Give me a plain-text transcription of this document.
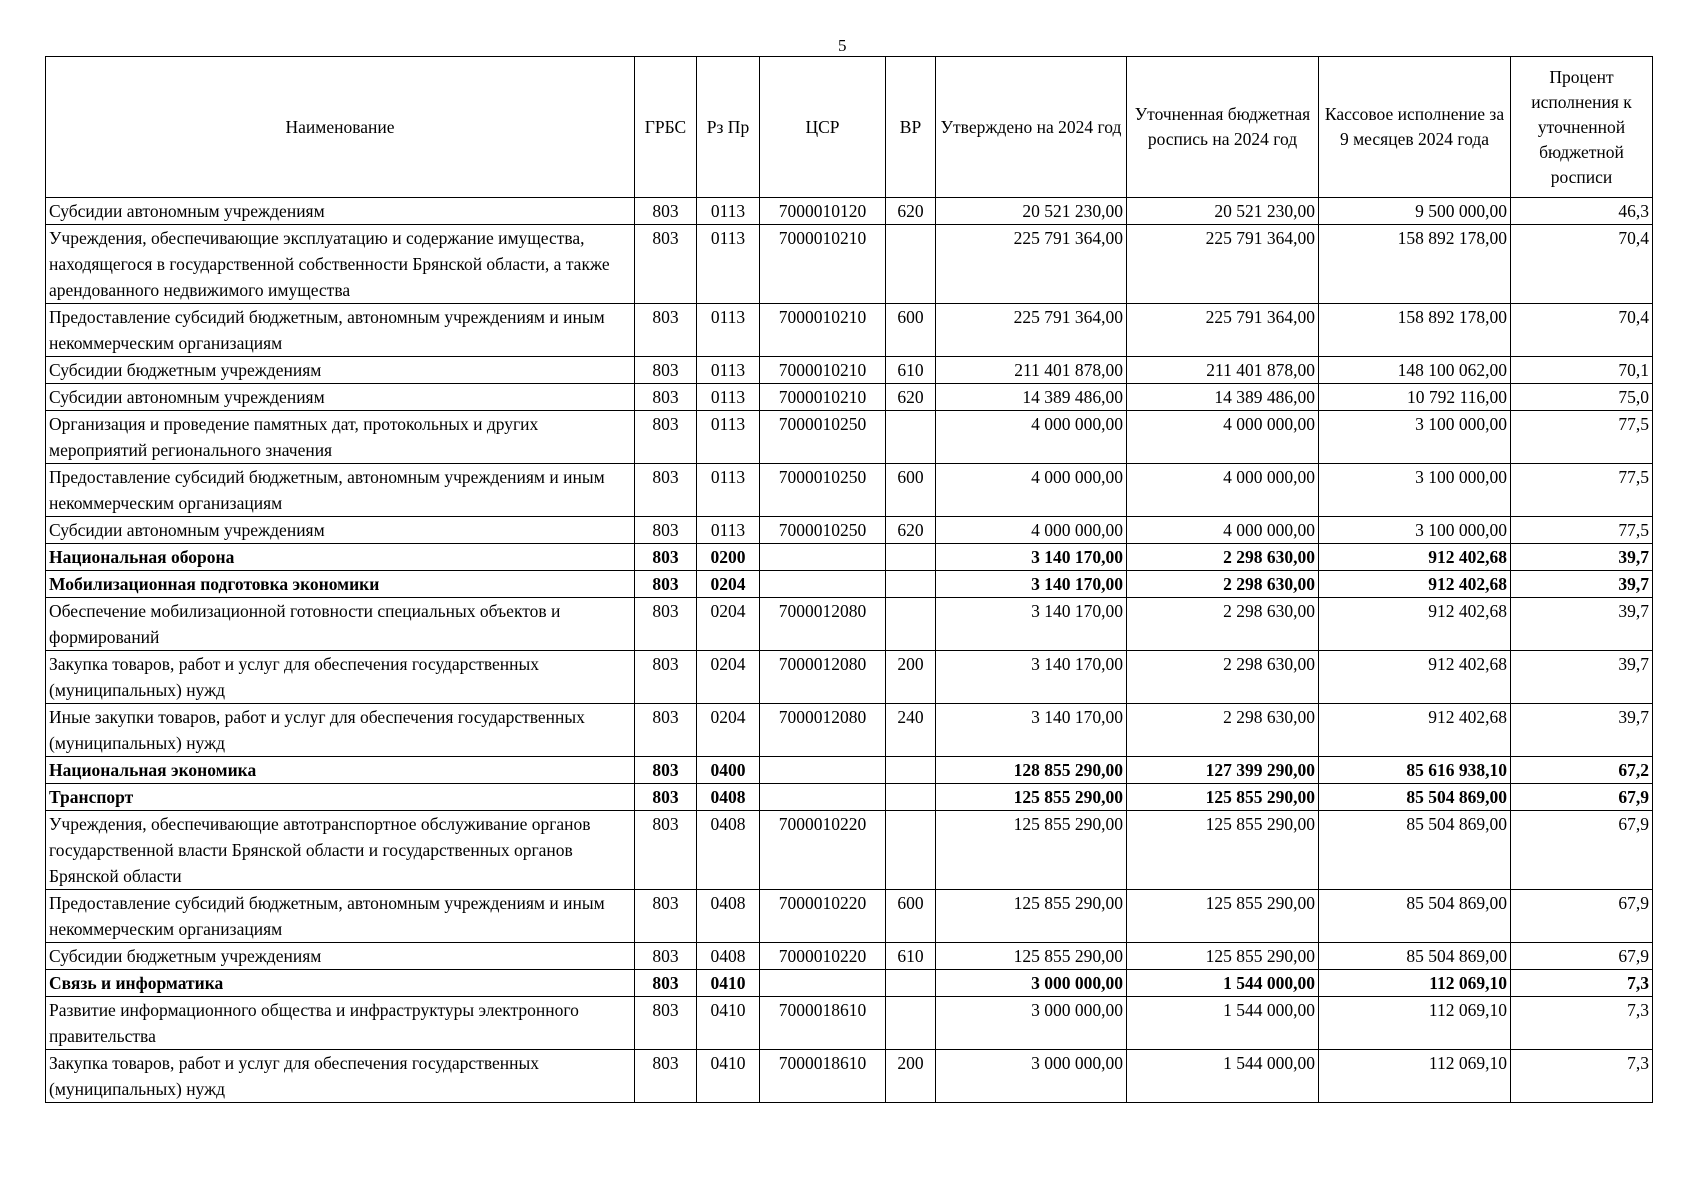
5
Наименование	ГРБС	Рз Пр	ЦСР	ВР	Утверждено на 2024 год	Уточненная бюджетная роспись на 2024 год	Кассовое исполнение за 9 месяцев 2024 года	Процент исполнения к уточненной бюджетной росписи
Субсидии автономным учреждениям	803	0113	7000010120	620	20 521 230,00	20 521 230,00	9 500 000,00	46,3
Учреждения, обеспечивающие эксплуатацию и содержание имущества, находящегося в государственной собственности Брянской области, а также арендованного недвижимого имущества	803	0113	7000010210		225 791 364,00	225 791 364,00	158 892 178,00	70,4
Предоставление субсидий бюджетным, автономным учреждениям и иным некоммерческим организациям	803	0113	7000010210	600	225 791 364,00	225 791 364,00	158 892 178,00	70,4
Субсидии бюджетным учреждениям	803	0113	7000010210	610	211 401 878,00	211 401 878,00	148 100 062,00	70,1
Субсидии автономным учреждениям	803	0113	7000010210	620	14 389 486,00	14 389 486,00	10 792 116,00	75,0
Организация и проведение памятных дат, протокольных и других мероприятий регионального значения	803	0113	7000010250		4 000 000,00	4 000 000,00	3 100 000,00	77,5
Предоставление субсидий бюджетным, автономным учреждениям и иным некоммерческим организациям	803	0113	7000010250	600	4 000 000,00	4 000 000,00	3 100 000,00	77,5
Субсидии автономным учреждениям	803	0113	7000010250	620	4 000 000,00	4 000 000,00	3 100 000,00	77,5
Национальная оборона	803	0200			3 140 170,00	2 298 630,00	912 402,68	39,7
Мобилизационная подготовка экономики	803	0204			3 140 170,00	2 298 630,00	912 402,68	39,7
Обеспечение мобилизационной готовности специальных объектов и формирований	803	0204	7000012080		3 140 170,00	2 298 630,00	912 402,68	39,7
Закупка товаров, работ и услуг для обеспечения государственных (муниципальных) нужд	803	0204	7000012080	200	3 140 170,00	2 298 630,00	912 402,68	39,7
Иные закупки товаров, работ и услуг для обеспечения государственных (муниципальных) нужд	803	0204	7000012080	240	3 140 170,00	2 298 630,00	912 402,68	39,7
Национальная экономика	803	0400			128 855 290,00	127 399 290,00	85 616 938,10	67,2
Транспорт	803	0408			125 855 290,00	125 855 290,00	85 504 869,00	67,9
Учреждения, обеспечивающие автотранспортное обслуживание органов государственной власти Брянской области и государственных органов Брянской области	803	0408	7000010220		125 855 290,00	125 855 290,00	85 504 869,00	67,9
Предоставление субсидий бюджетным, автономным учреждениям и иным некоммерческим организациям	803	0408	7000010220	600	125 855 290,00	125 855 290,00	85 504 869,00	67,9
Субсидии бюджетным учреждениям	803	0408	7000010220	610	125 855 290,00	125 855 290,00	85 504 869,00	67,9
Связь и информатика	803	0410			3 000 000,00	1 544 000,00	112 069,10	7,3
Развитие информационного общества и инфраструктуры электронного правительства	803	0410	7000018610		3 000 000,00	1 544 000,00	112 069,10	7,3
Закупка товаров, работ и услуг для обеспечения государственных (муниципальных) нужд	803	0410	7000018610	200	3 000 000,00	1 544 000,00	112 069,10	7,3
